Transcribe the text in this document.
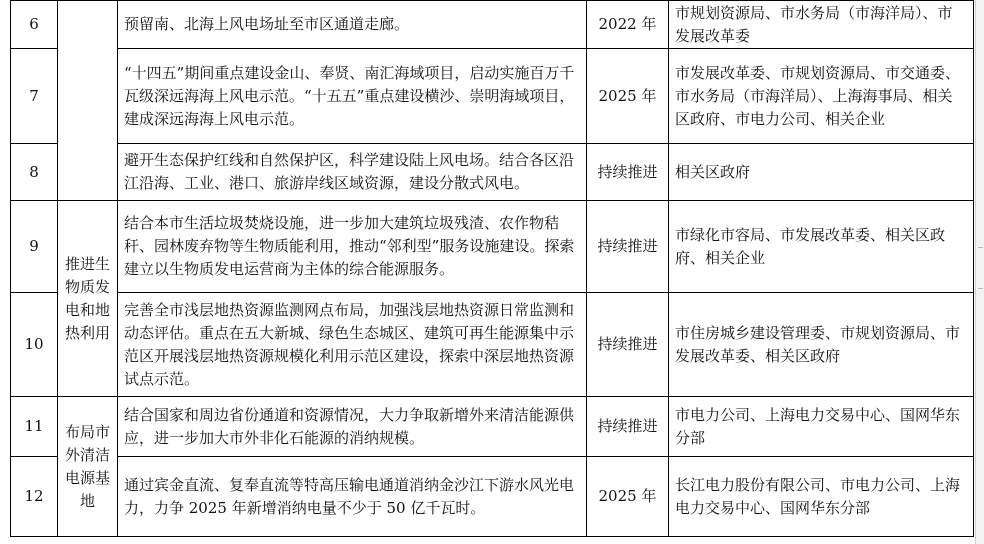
6		预留南、北海上风电场址至市区通道走廊。	2022 年	市规划资源局、市水务局（市海洋局）、市发展改革委
7		“十四五”期间重点建设金山、奉贤、南汇海域项目，启动实施百万千瓦级深远海海上风电示范。“十五五”重点建设横沙、崇明海域项目，建成深远海海上风电示范。	2025 年	市发展改革委、市规划资源局、市交通委、市水务局（市海洋局）、上海海事局、相关区政府、市电力公司、相关企业
8		避开生态保护红线和自然保护区，科学建设陆上风电场。结合各区沿江沿海、工业、港口、旅游岸线区域资源，建设分散式风电。	持续推进	相关区政府
9	推进生物质发电和地热利用	结合本市生活垃圾焚烧设施，进一步加大建筑垃圾残渣、农作物秸秆、园林废弃物等生物质能利用，推动“邻利型”服务设施建设。探索建立以生物质发电运营商为主体的综合能源服务。	持续推进	市绿化市容局、市发展改革委、相关区政府、相关企业
10		完善全市浅层地热资源监测网点布局，加强浅层地热资源日常监测和动态评估。重点在五大新城、绿色生态城区、建筑可再生能源集中示范区开展浅层地热资源规模化利用示范区建设，探索中深层地热资源试点示范。	持续推进	市住房城乡建设管理委、市规划资源局、市发展改革委、相关区政府
11	布局市外清洁电源基地	结合国家和周边省份通道和资源情况，大力争取新增外来清洁能源供应，进一步加大市外非化石能源的消纳规模。	持续推进	市电力公司、上海电力交易中心、国网华东分部
12		通过宾金直流、复奉直流等特高压输电通道消纳金沙江下游水风光电力，力争 2025 年新增消纳电量不少于 50 亿千瓦时。	2025 年	长江电力股份有限公司、市电力公司、上海电力交易中心、国网华东分部
